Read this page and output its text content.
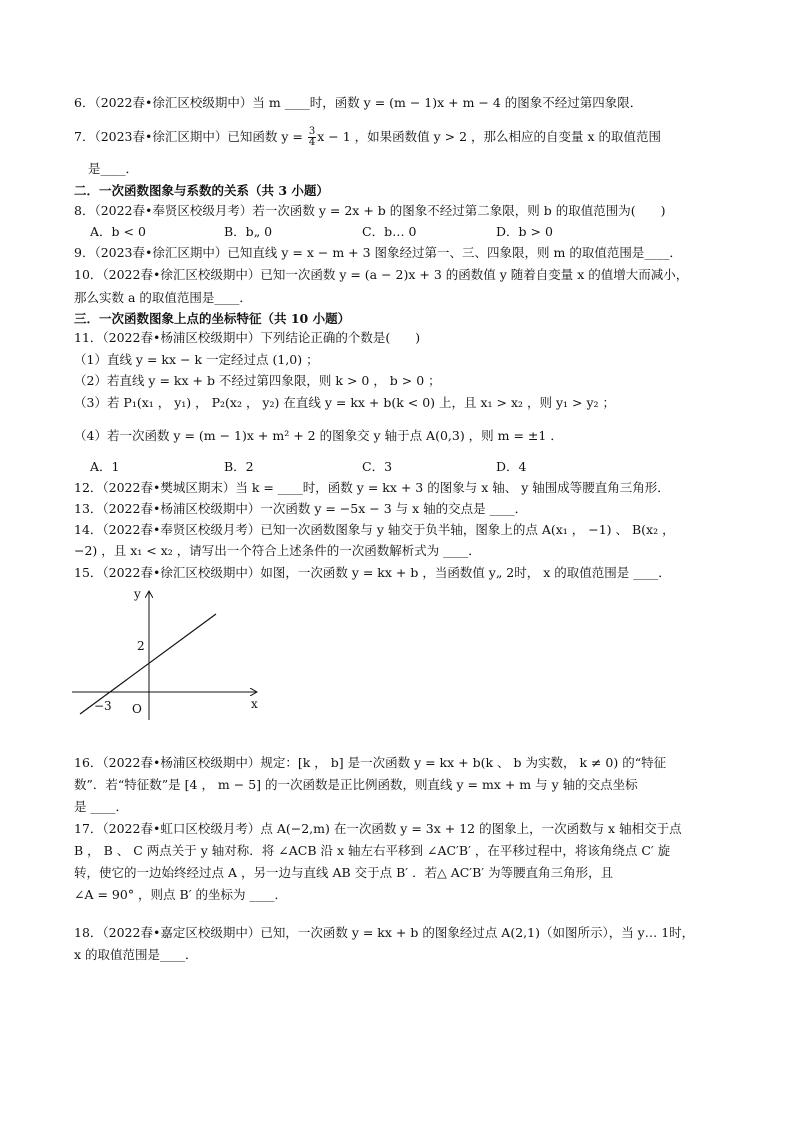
6．（2022春•徐汇区校级期中）当 m ____时，函数 y = (m − 1)x + m − 4 的图象不经过第四象限．
7．（2023春•徐汇区期中）已知函数 $y = \frac{3}{4}$ x − 1 ，如果函数值 y > 2 ，那么相应的自变量 x 的取值范围
是____．
二．一次函数图象与系数的关系（共 3 小题）
8．（2022春•奉贤区校级月考）若一次函数 y = 2x + b 的图象不经过第二象限，则 b 的取值范围为(　　)
A．b < 0	B．b„ 0	C．b… 0	D．b > 0
9．（2023春•徐汇区期中）已知直线 y = x − m + 3 图象经过第一、三、四象限，则 m 的取值范围是____．
10．（2022春•徐汇区校级期中）已知一次函数 y = (a − 2)x + 3 的函数值 y 随着自变量 x 的值增大而减小，
那么实数 a 的取值范围是____．
三．一次函数图象上点的坐标特征（共 10 小题）
11．（2022春•杨浦区校级期中）下列结论正确的个数是(　　)
（1）直线 y = kx − k 一定经过点 (1,0) ；
（2）若直线 y = kx + b 不经过第四象限，则 k > 0 ， b > 0 ；
（3）若 P₁(x₁ ， y₁) ， P₂(x₂ ， y₂) 在直线 y = kx + b(k < 0) 上，且 x₁ > x₂ ，则 y₁ > y₂ ；
（4）若一次函数 y = (m − 1)x + m² + 2 的图象交 y 轴于点 A(0,3) ，则 m = ±1 ．
A．1	B．2	C．3	D．4
12．（2022春•樊城区期末）当 k = ____时，函数 y = kx + 3 的图象与 x 轴、 y 轴围成等腰直角三角形．
13．（2022春•杨浦区校级期中）一次函数 y = −5x − 3 与 x 轴的交点是 ____．
14．（2022春•奉贤区校级月考）已知一次函数图象与 y 轴交于负半轴，图象上的点 A(x₁ ， −1) 、 B(x₂ ，
−2) ，且 x₁ < x₂ ，请写出一个符合上述条件的一次函数解析式为 ____．
15．（2022春•徐汇区校级期中）如图，一次函数 y = kx + b ，当函数值 y„ 2时， x 的取值范围是 ____．
y
x
2
−3 O
16．（2022春•杨浦区校级期中）规定：[k ， b] 是一次函数 y = kx + b(k 、 b 为实数， k ≠ 0) 的“特征
数”．若“特征数”是 [4 ， m − 5] 的一次函数是正比例函数，则直线 y = mx + m 与 y 轴的交点坐标
是 ____．
17．（2022春•虹口区校级月考）点 A(−2,m) 在一次函数 y = 3x + 12 的图象上，一次函数与 x 轴相交于点
B ， B 、 C 两点关于 y 轴对称．将 ∠ACB 沿 x 轴左右平移到 ∠AC′B′ ，在平移过程中，将该角绕点 C′ 旋
转，使它的一边始终经过点 A ，另一边与直线 AB 交于点 B′ ．若△ AC′B′ 为等腰直角三角形，且
∠A = 90° ，则点 B′ 的坐标为 ____．
18．（2022春•嘉定区校级期中）已知，一次函数 y = kx + b 的图象经过点 A(2,1)（如图所示），当 y… 1时，
x 的取值范围是____．
